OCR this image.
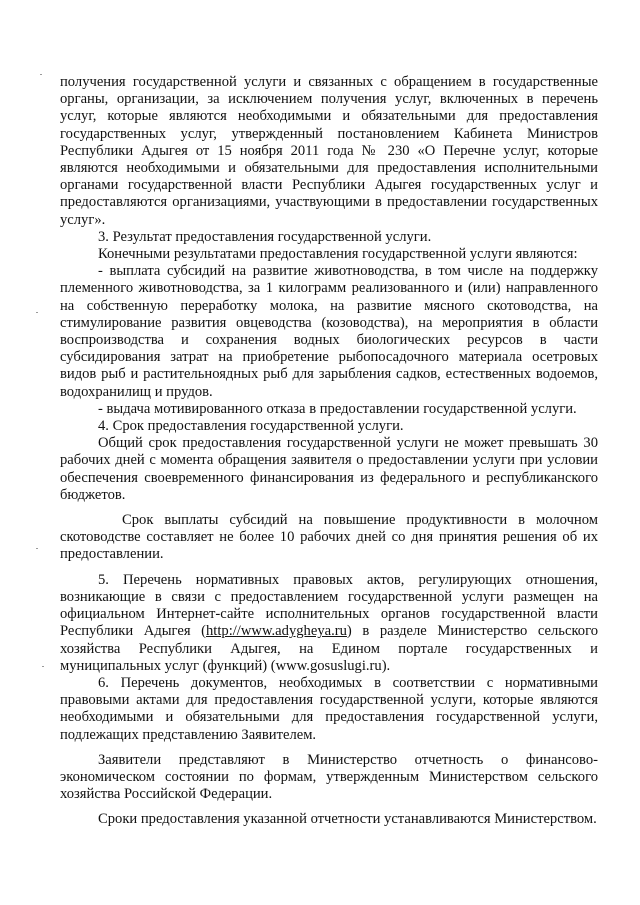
получения государственной услуги и связанных с обращением в государственные органы, организации, за исключением получения услуг, включенных в перечень услуг, которые являются необходимыми и обязательными для предоставления государственных услуг, утвержденный постановлением Кабинета Министров Республики Адыгея от 15 ноября 2011 года № 230 «О Перечне услуг, которые являются необходимыми и обязательными для предоставления исполнительными органами государственной власти Республики Адыгея государственных услуг и предоставляются организациями, участвующими в предоставлении государственных услуг».

3. Результат предоставления государственной услуги.

Конечными результатами предоставления государственной услуги являются:

- выплата субсидий на развитие животноводства, в том числе на поддержку племенного животноводства, за 1 килограмм реализованного и (или) направленного на собственную переработку молока, на развитие мясного скотоводства, на стимулирование развития овцеводства (козоводства), на мероприятия в области воспроизводства и сохранения водных биологических ресурсов в части субсидирования затрат на приобретение рыбопосадочного материала осетровых видов рыб и растительноядных рыб для зарыбления садков, естественных водоемов, водохранилищ и прудов.

- выдача мотивированного отказа в предоставлении государственной услуги.

4. Срок предоставления государственной услуги.

Общий срок предоставления государственной услуги не может превышать 30 рабочих дней с момента обращения заявителя о предоставлении услуги при условии обеспечения своевременного финансирования из федерального и республиканского бюджетов.

Срок выплаты субсидий на повышение продуктивности в молочном скотоводстве составляет не более 10 рабочих дней со дня принятия решения об их предоставлении.

5. Перечень нормативных правовых актов, регулирующих отношения, возникающие в связи с предоставлением государственной услуги размещен на официальном Интернет-сайте исполнительных органов государственной власти Республики Адыгея (http://www.adygheya.ru) в разделе Министерство сельского хозяйства Республики Адыгея, на Едином портале государственных и муниципальных услуг (функций) (www.gosuslugi.ru).

6. Перечень документов, необходимых в соответствии с нормативными правовыми актами для предоставления государственной услуги, которые являются необходимыми и обязательными для предоставления государственной услуги, подлежащих представлению Заявителем.

Заявители представляют в Министерство отчетность о финансово-экономическом состоянии по формам, утвержденным Министерством сельского хозяйства Российской Федерации.

Сроки предоставления указанной отчетности устанавливаются Министерством.
